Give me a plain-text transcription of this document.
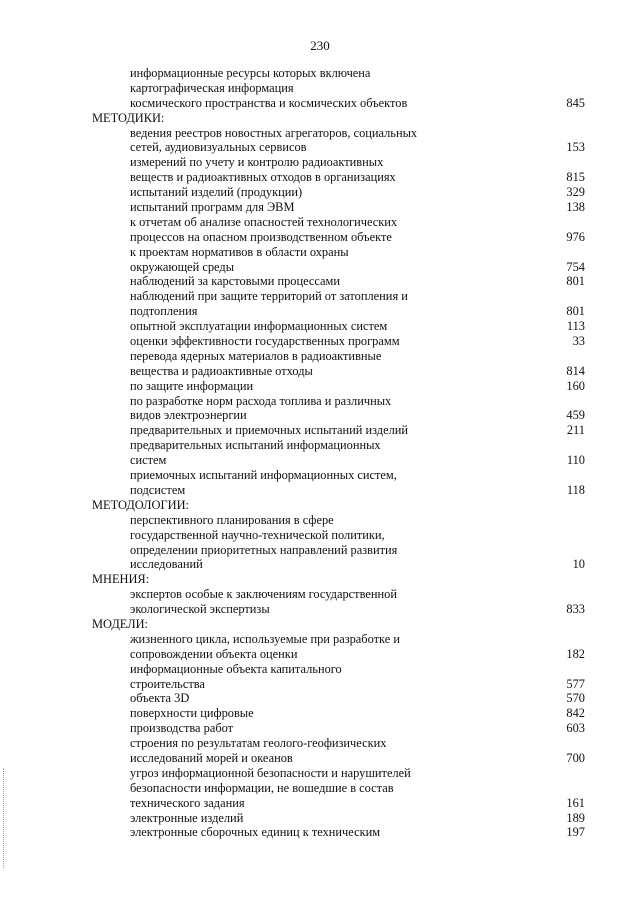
230
информационные ресурсы которых включена
картографическая информация
космического пространства и космических объектов	845
МЕТОДИКИ:
ведения реестров новостных агрегаторов, социальных
сетей, аудиовизуальных сервисов	153
измерений по учету и контролю радиоактивных
веществ и радиоактивных отходов в организациях	815
испытаний изделий (продукции)	329
испытаний программ для ЭВМ	138
к отчетам об анализе опасностей технологических
процессов на опасном производственном объекте	976
к проектам нормативов в области охраны
окружающей среды	754
наблюдений за карстовыми процессами	801
наблюдений при защите территорий от затопления и
подтопления	801
опытной эксплуатации информационных систем	113
оценки эффективности государственных программ	33
перевода ядерных материалов в радиоактивные
вещества и радиоактивные отходы	814
по защите информации	160
по разработке норм расхода топлива и различных
видов электроэнергии	459
предварительных и приемочных испытаний изделий	211
предварительных испытаний информационных
систем	110
приемочных испытаний информационных систем,
подсистем	118
МЕТОДОЛОГИИ:
перспективного планирования в сфере
государственной научно-технической политики,
определении приоритетных направлений развития
исследований	10
МНЕНИЯ:
экспертов особые к заключениям государственной
экологической экспертизы	833
МОДЕЛИ:
жизненного цикла, используемые при разработке и
сопровождении объекта оценки	182
информационные объекта капитального
строительства	577
объекта 3D	570
поверхности цифровые	842
производства работ	603
строения по результатам геолого-геофизических
исследований морей и океанов	700
угроз информационной безопасности и нарушителей
безопасности информации, не вошедшие в состав
технического задания	161
электронные изделий	189
электронные сборочных единиц к техническим	197
